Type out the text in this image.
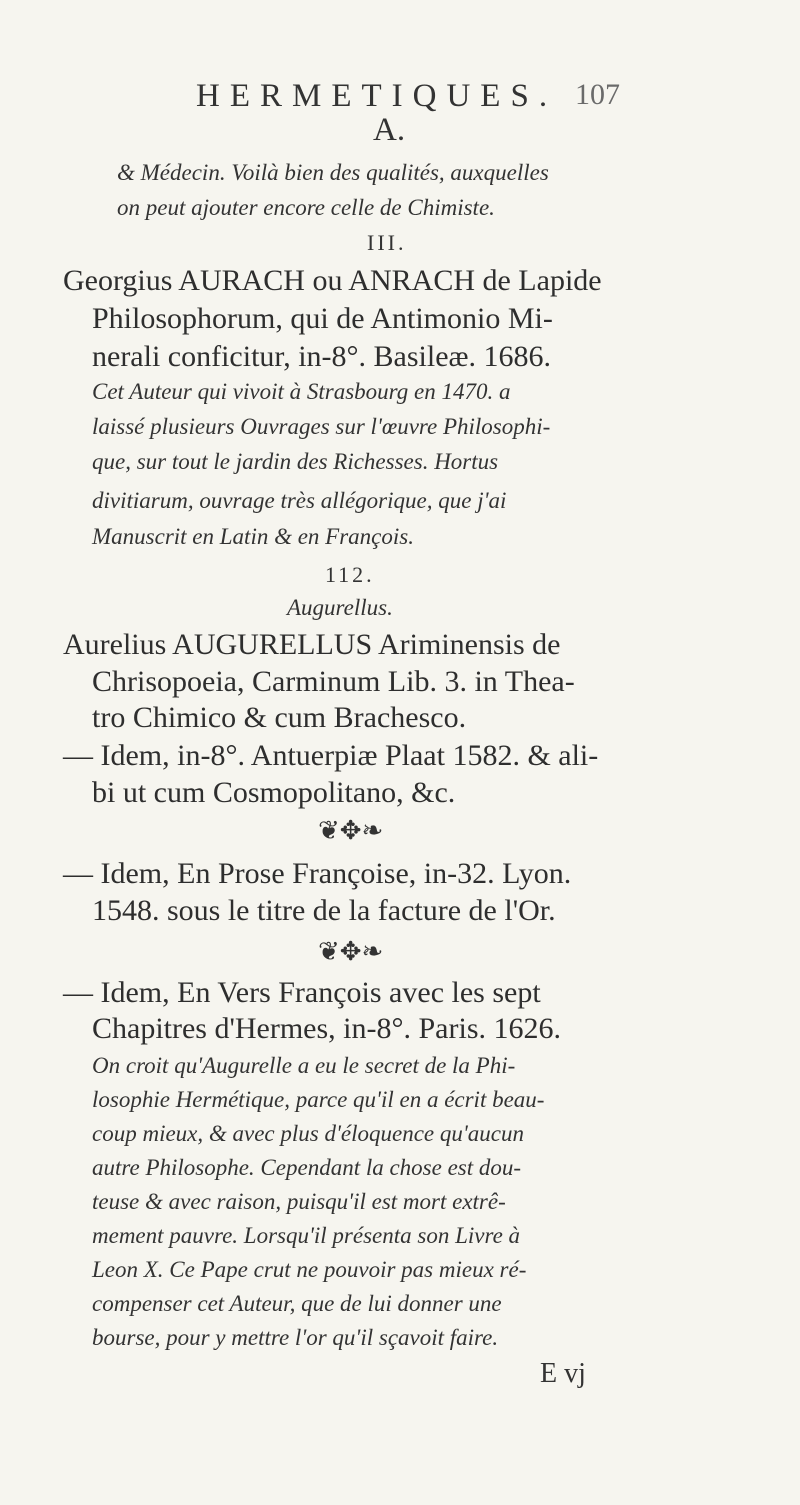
HERMETIQUES. 107
A.
& Médecin. Voilà bien des qualités, auxquelles
on peut ajouter encore celle de Chimiste.
III.
Georgius AURACH ou ANRACH de Lapide
Philosophorum, qui de Antimonio Mi-
nerali conficitur, in-8°. Basileæ. 1686.
Cet Auteur qui vivoit à Strasbourg en 1470. a
laissé plusieurs Ouvrages sur l'œuvre Philosophi-
que, sur tout le jardin des Richesses. Hortus
divitiarum, ouvrage très allégorique, que j'ai
Manuscrit en Latin & en François.
112.
Augurellus.
Aurelius AUGURELLUS Ariminensis de
Chrisopoeia, Carminum Lib. 3. in Thea-
tro Chimico & cum Brachesco.
— Idem, in-8°. Antuerpiæ Plaat 1582. & ali-
bi ut cum Cosmopolitano, &c.
❦✥❧
— Idem, En Prose Françoise, in-32. Lyon.
1548. sous le titre de la facture de l'Or.
❦✥❧
— Idem, En Vers François avec les sept
Chapitres d'Hermes, in-8°. Paris. 1626.
On croit qu'Augurelle a eu le secret de la Phi-
losophie Hermétique, parce qu'il en a écrit beau-
coup mieux, & avec plus d'éloquence qu'aucun
autre Philosophe. Cependant la chose est dou-
teuse & avec raison, puisqu'il est mort extrê-
mement pauvre. Lorsqu'il présenta son Livre à
Leon X. Ce Pape crut ne pouvoir pas mieux ré-
compenser cet Auteur, que de lui donner une
bourse, pour y mettre l'or qu'il sçavoit faire.
E vj
